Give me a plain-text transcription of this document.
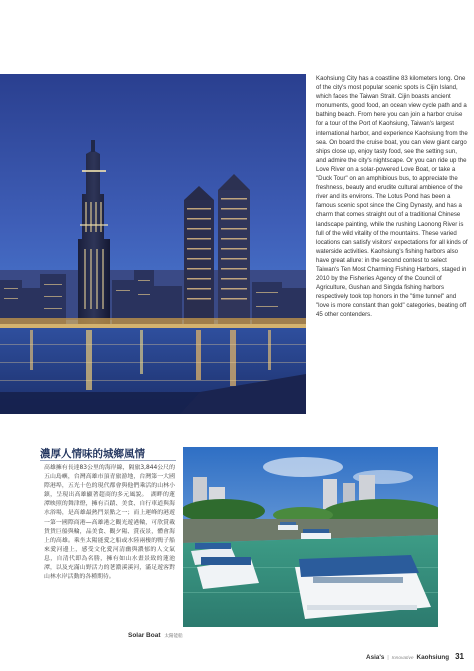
Kaohsiung City has a coastline 83 kilometers long. One of the city's most popular scenic spots is Cijin Island, which faces the Taiwan Strait. Cijin boasts ancient monuments, good food, an ocean view cycle path and a bathing beach. From here you can join a harbor cruise for a tour of the Port of Kaohsiung, Taiwan's largest international harbor, and experience Kaohsiung from the sea. On board the cruise boat, you can view giant cargo ships close up, enjoy tasty food, see the setting sun, and admire the city's nightscape. Or you can ride up the Love River on a solar-powered Love Boat, or take a "Duck Tour" on an amphibious bus, to appreciate the freshness, beauty and erudite cultural ambience of the river and its environs. The Lotus Pond has been a famous scenic spot since the Cing Dynasty, and has a charm that comes straight out of a traditional Chinese landscape painting, while the rushing Laonong River is full of the wild vitality of the mountains. These varied locations can satisfy visitors' expectations for all kinds of waterside activities. Kaohsiung's fishing harbors also have great allure: in the second contest to select Taiwan's Ten Most Charming Fishing Harbors, staged in 2010 by the Fisheries Agency of the Council of Agriculture, Gushan and Singda fishing harbors respectively took top honors in the "time tunnel" and "love is more constant than gold" categories, beating off 45 other contenders.

濃厚人情味的城鄉風情

高雄擁有長達83公里的海岸線，隔旅3,844公尺的五山島嶼，台灣高雄市頂青旅游地，台灣第一大國際港埠，五光十色的現代都會與他們乘活的山林小鎮，呈現出高雄顯著超商的多元風貌。　湖畔的蓮潭映照的舞津燈，擁有百蹟、美食、自行車道與海水浴場，是高雄最熱門景點之一；而上運峰的港遊一第一國際商港—高雄港之觀光遊港輪，可欣賞載貨貨巨船與輪，品美食、觀夕陽、賞夜景，體會海上的高雄。乘坐太陽能愛之船或水陸兩棲的鴨子船來愛河邊上，感受文化愛河清幽與濃郁的人文氣息，自清代即為名勝，擁有如山水畫景致的蓮池潭，以及充滿山野活力的荖濃溪溪河，滿足遊客對山林水岸活動的各種期待。

Solar Boat 太陽能船
Asia's | Innovative Kaohsiung 31
